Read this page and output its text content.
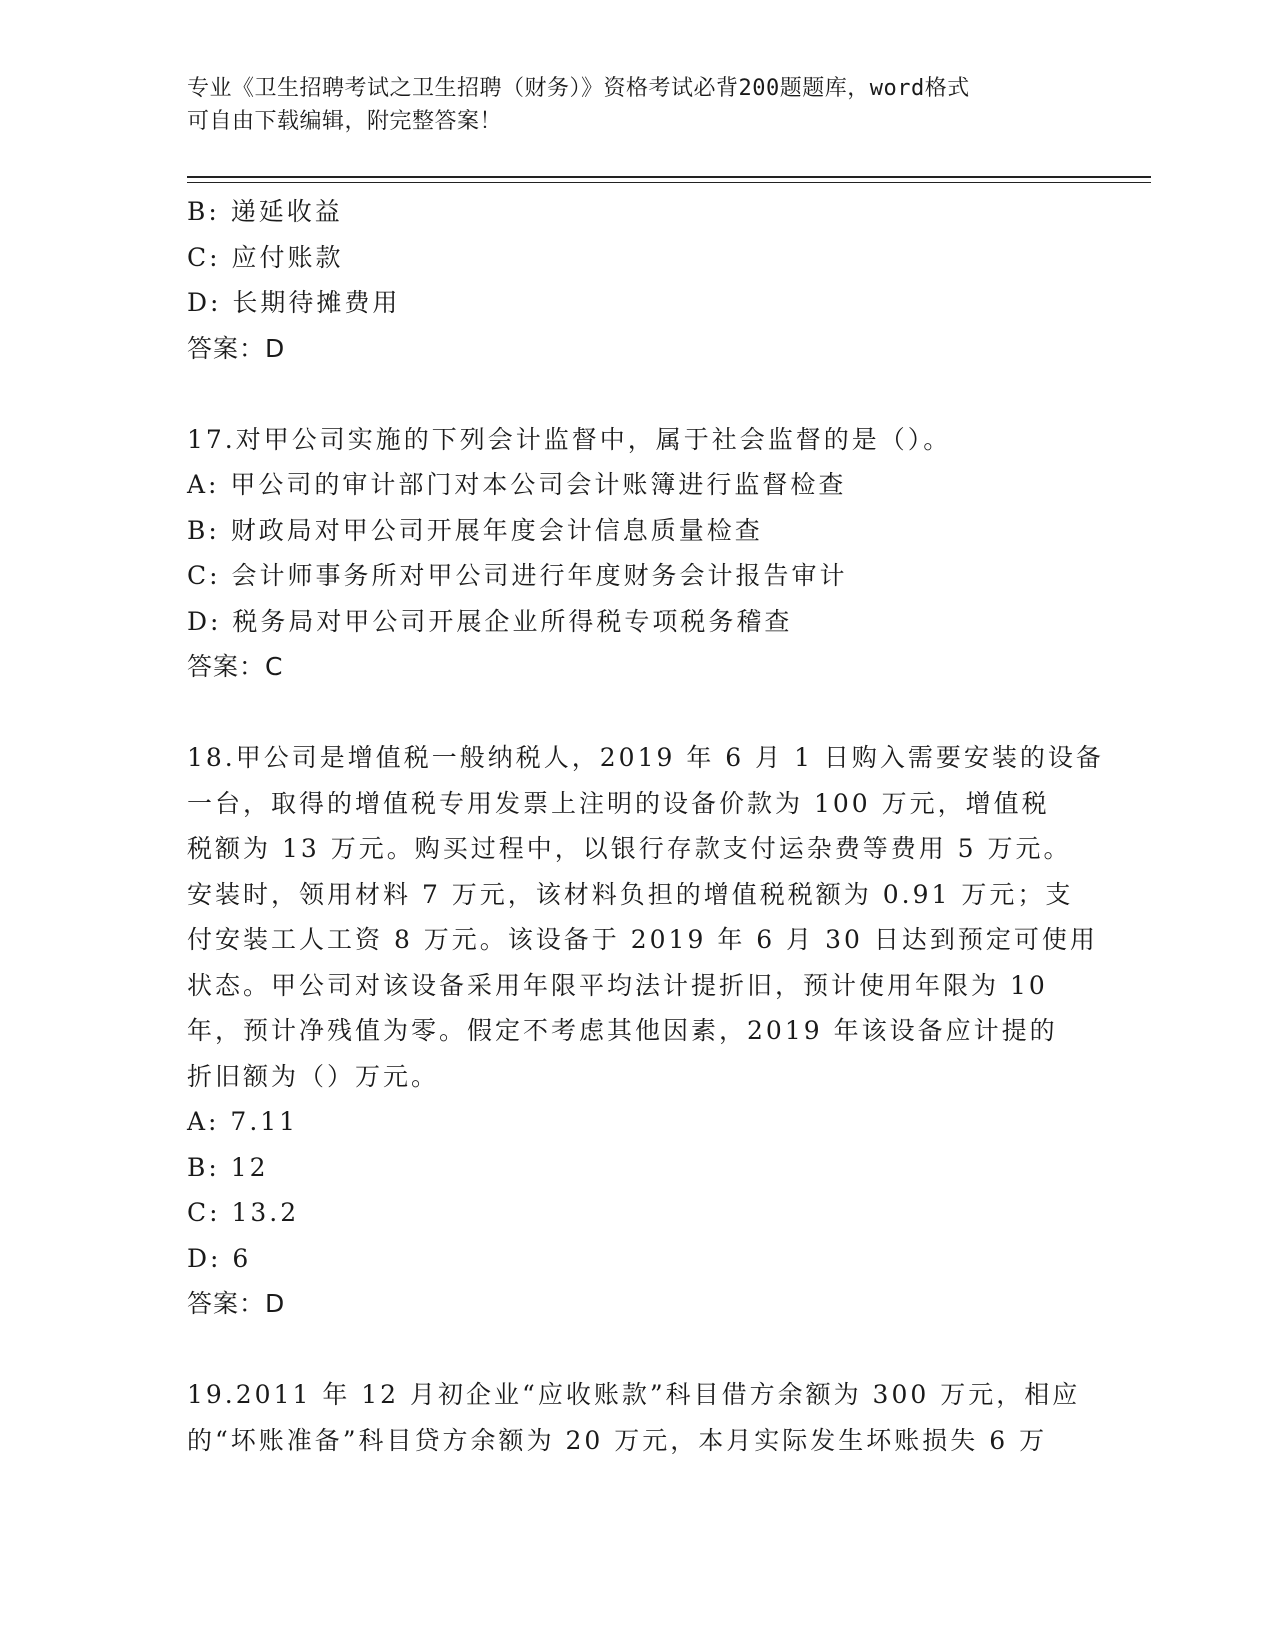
专业《卫生招聘考试之卫生招聘（财务）》资格考试必背200题题库，word格式
可自由下载编辑，附完整答案！
B: 递延收益
C: 应付账款
D: 长期待摊费用
答案：D
17.对甲公司实施的下列会计监督中，属于社会监督的是（）。
A: 甲公司的审计部门对本公司会计账簿进行监督检查
B: 财政局对甲公司开展年度会计信息质量检查
C: 会计师事务所对甲公司进行年度财务会计报告审计
D: 税务局对甲公司开展企业所得税专项税务稽查
答案：C
18.甲公司是增值税一般纳税人，2019 年 6 月 1 日购入需要安装的设备
一台，取得的增值税专用发票上注明的设备价款为 100 万元，增值税
税额为 13 万元。购买过程中，以银行存款支付运杂费等费用 5 万元。
安装时，领用材料 7 万元，该材料负担的增值税税额为 0.91 万元；支
付安装工人工资 8 万元。该设备于 2019 年 6 月 30 日达到预定可使用
状态。甲公司对该设备采用年限平均法计提折旧，预计使用年限为 10
年，预计净残值为零。假定不考虑其他因素，2019 年该设备应计提的
折旧额为（）万元。
A: 7.11
B: 12
C: 13.2
D: 6
答案：D
19.2011 年 12 月初企业“应收账款”科目借方余额为 300 万元，相应
的“坏账准备”科目贷方余额为 20 万元，本月实际发生坏账损失 6 万
